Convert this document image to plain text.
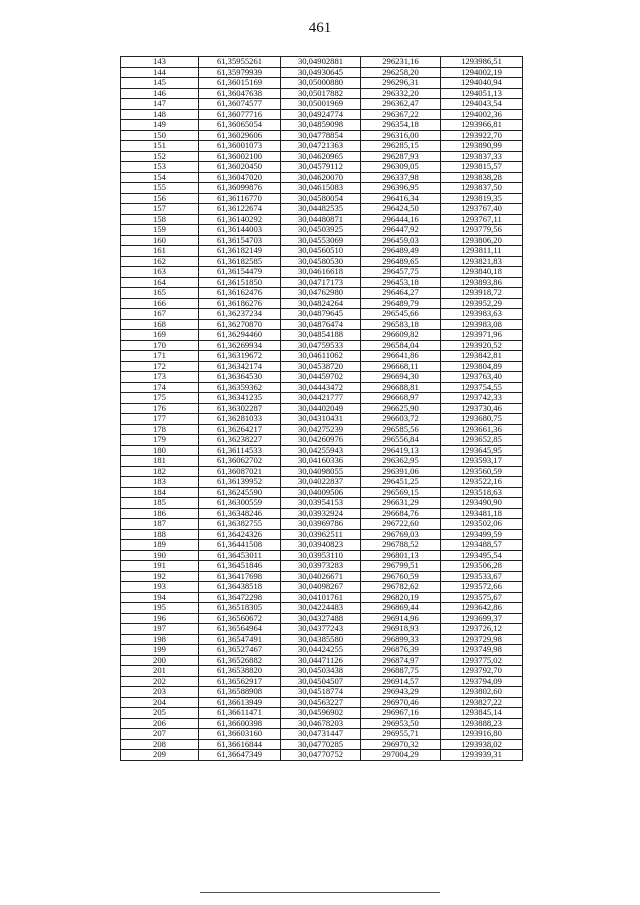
461
143	61,35955261	30,04902881	296231,16	1293986,51
144	61,35979939	30,04930645	296258,20	1294002,19
145	61,36015169	30,05000880	296296,31	1294040,94
146	61,36047638	30,05017882	296332,20	1294051,13
147	61,36074577	30,05001969	296362,47	1294043,54
148	61,36077716	30,04924774	296367,22	1294002,36
149	61,36065054	30,04859098	296354,18	1293966,81
150	61,36029606	30,04778854	296316,00	1293922,70
151	61,36001073	30,04721363	296285,15	1293890,99
152	61,36002100	30,04620965	296287,93	1293837,33
153	61,36020450	30,04579112	296309,05	1293815,57
154	61,36047020	30,04620070	296337,98	1293838,28
155	61,36099876	30,04615083	296396,95	1293837,50
156	61,36116770	30,04580054	296416,34	1293819,35
157	61,36122674	30,04482535	296424,50	1293767,40
158	61,36140292	30,04480871	296444,16	1293767,11
159	61,36144003	30,04503925	296447,92	1293779,56
160	61,36154703	30,04553069	296459,03	1293806,20
161	61,36182149	30,04560510	296489,49	1293811,11
162	61,36182585	30,04580530	296489,65	1293821,83
163	61,36154479	30,04616618	296457,75	1293840,18
164	61,36151850	30,04717173	296453,18	1293893,86
165	61,36162476	30,04762980	296464,27	1293918,72
166	61,36186276	30,04824264	296489,79	1293952,29
167	61,36237234	30,04879645	296545,66	1293983,63
168	61,36270870	30,04876474	296583,18	1293983,08
169	61,36294460	30,04854188	296609,82	1293971,96
170	61,36269934	30,04759533	296584,04	1293920,52
171	61,36319672	30,04611062	296641,86	1293842,81
172	61,36342174	30,04538720	296668,11	1293804,89
173	61,36364530	30,04459702	296694,30	1293763,40
174	61,36359362	30,04443472	296688,81	1293754,55
175	61,36341235	30,04421777	296668,97	1293742,33
176	61,36302287	30,04402049	296625,90	1293730,46
177	61,36281033	30,04310431	296603,72	1293680,75
178	61,36264217	30,04275239	296585,56	1293661,36
179	61,36238227	30,04260976	296556,84	1293652,85
180	61,36114533	30,04255943	296419,13	1293645,95
181	61,36062702	30,04160336	296362,95	1293593,17
182	61,36087021	30,04098055	296391,06	1293560,59
183	61,36139952	30,04022837	296451,25	1293522,16
184	61,36245590	30,04009506	296569,15	1293518,63
185	61,36300559	30,03954153	296631,29	1293490,90
186	61,36348246	30,03932924	296684,76	1293481,18
187	61,36382755	30,03969786	296722,60	1293502,06
188	61,36424326	30,03962511	296769,03	1293499,59
189	61,36441508	30,03940823	296788,52	1293488,57
190	61,36453011	30,03953110	296801,13	1293495,54
191	61,36451846	30,03973283	296799,51	1293506,28
192	61,36417698	30,04026671	296760,59	1293533,67
193	61,36438518	30,04098267	296782,62	1293572,66
194	61,36472298	30,04101761	296820,19	1293575,67
195	61,36518305	30,04224483	296869,44	1293642,86
196	61,36560672	30,04327488	296914,96	1293699,37
197	61,36564964	30,04377243	296918,93	1293726,12
198	61,36547491	30,04385580	296899,33	1293729,98
199	61,36527467	30,04424255	296876,39	1293749,98
200	61,36526882	30,04471126	296874,97	1293775,02
201	61,36538820	30,04503438	296887,75	1293792,70
202	61,36562917	30,04504507	296914,57	1293794,09
203	61,36588908	30,04518774	296943,29	1293802,60
204	61,36613949	30,04563227	296970,46	1293827,22
205	61,36611471	30,04596902	296967,16	1293845,14
206	61,36600398	30,04678203	296953,50	1293888,23
207	61,36603160	30,04731447	296955,71	1293916,80
208	61,36616844	30,04770285	296970,32	1293938,02
209	61,36647349	30,04770752	297004,29	1293939,31
